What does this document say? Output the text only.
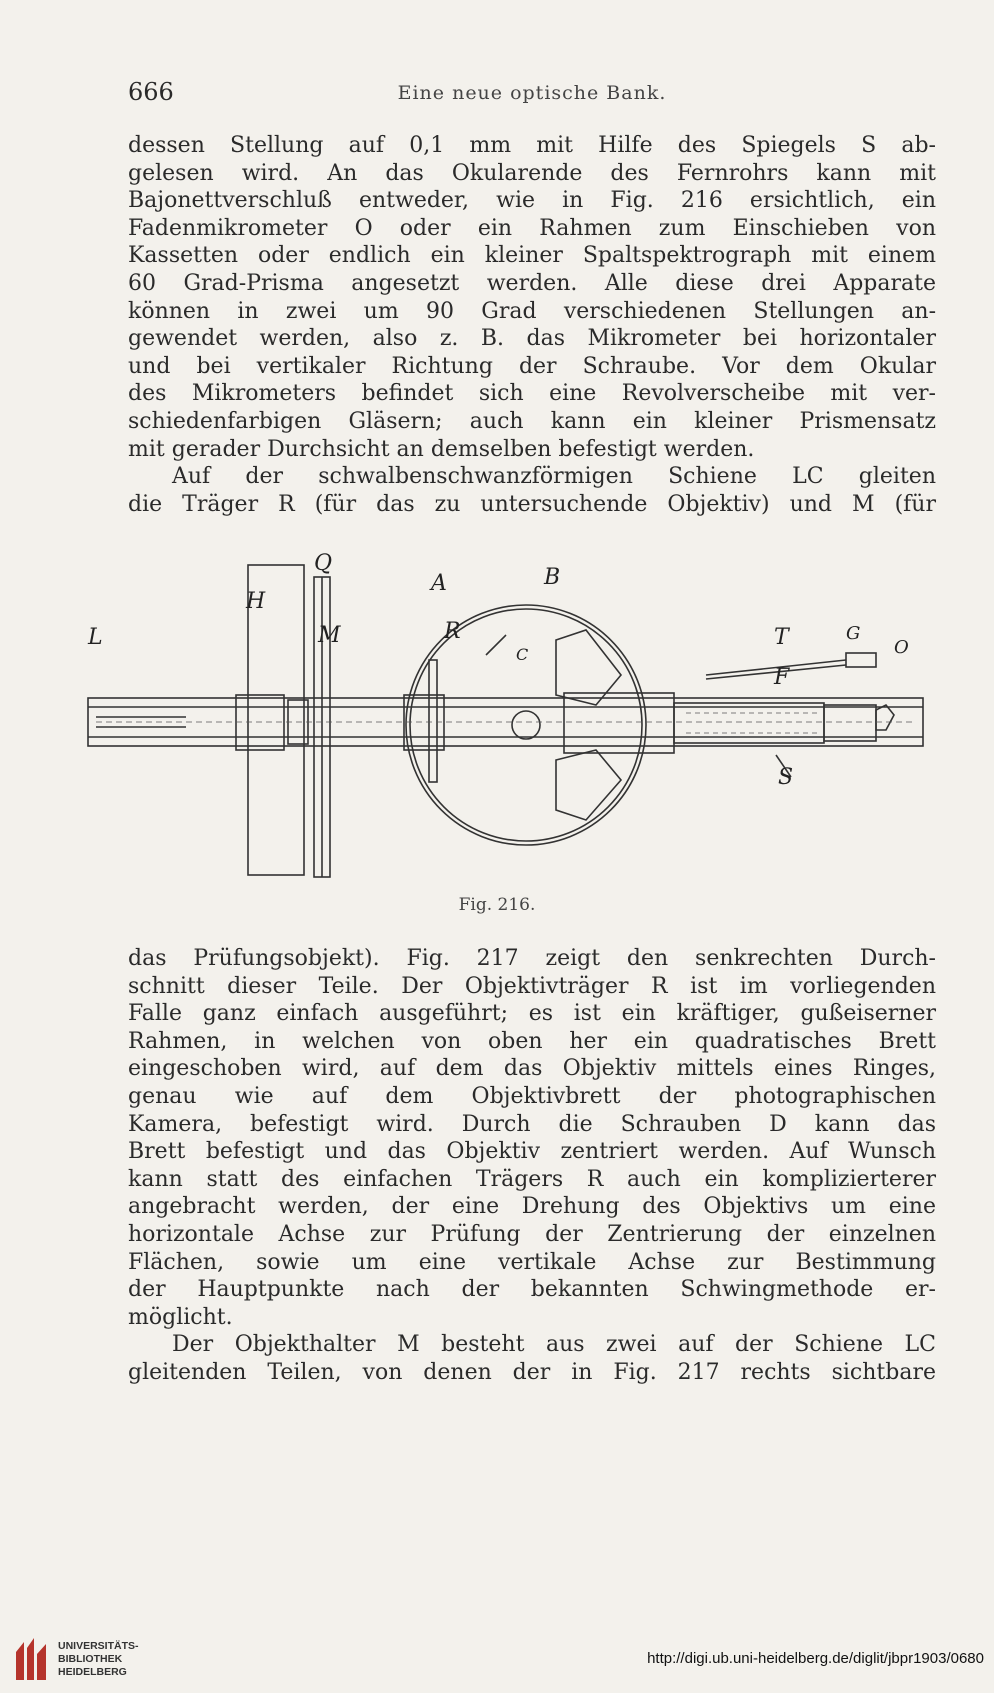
666	Eine neue optische Bank.
dessen Stellung auf 0,1 mm mit Hilfe des Spiegels S ab-
gelesen wird. An das Okularende des Fernrohrs kann mit
Bajonettverschluß entweder, wie in Fig. 216 ersichtlich, ein
Fadenmikrometer O oder ein Rahmen zum Einschieben von
Kassetten oder endlich ein kleiner Spaltspektrograph mit einem
60 Grad-Prisma angesetzt werden. Alle diese drei Apparate
können in zwei um 90 Grad verschiedenen Stellungen an-
gewendet werden, also z. B. das Mikrometer bei horizontaler
und bei vertikaler Richtung der Schraube. Vor dem Okular
des Mikrometers befindet sich eine Revolverscheibe mit ver-
schiedenfarbigen Gläsern; auch kann ein kleiner Prismensatz
mit gerader Durchsicht an demselben befestigt werden.
Auf der schwalbenschwanzförmigen Schiene LC gleiten
die Träger R (für das zu untersuchende Objektiv) und M (für
Q
H
L	M
A	B
R
C
T	G
O
F
S
Fig. 216.
das Prüfungsobjekt). Fig. 217 zeigt den senkrechten Durch-
schnitt dieser Teile. Der Objektivträger R ist im vorliegenden
Falle ganz einfach ausgeführt; es ist ein kräftiger, gußeiserner
Rahmen, in welchen von oben her ein quadratisches Brett
eingeschoben wird, auf dem das Objektiv mittels eines Ringes,
genau wie auf dem Objektivbrett der photographischen
Kamera, befestigt wird. Durch die Schrauben D kann das
Brett befestigt und das Objektiv zentriert werden. Auf Wunsch
kann statt des einfachen Trägers R auch ein komplizierterer
angebracht werden, der eine Drehung des Objektivs um eine
horizontale Achse zur Prüfung der Zentrierung der einzelnen
Flächen, sowie um eine vertikale Achse zur Bestimmung
der Hauptpunkte nach der bekannten Schwingmethode er-
möglicht.
Der Objekthalter M besteht aus zwei auf der Schiene LC
gleitenden Teilen, von denen der in Fig. 217 rechts sichtbare
UNIVERSITÄTS-
BIBLIOTHEK
HEIDELBERG
http://digi.ub.uni-heidelberg.de/diglit/jbpr1903/0680
